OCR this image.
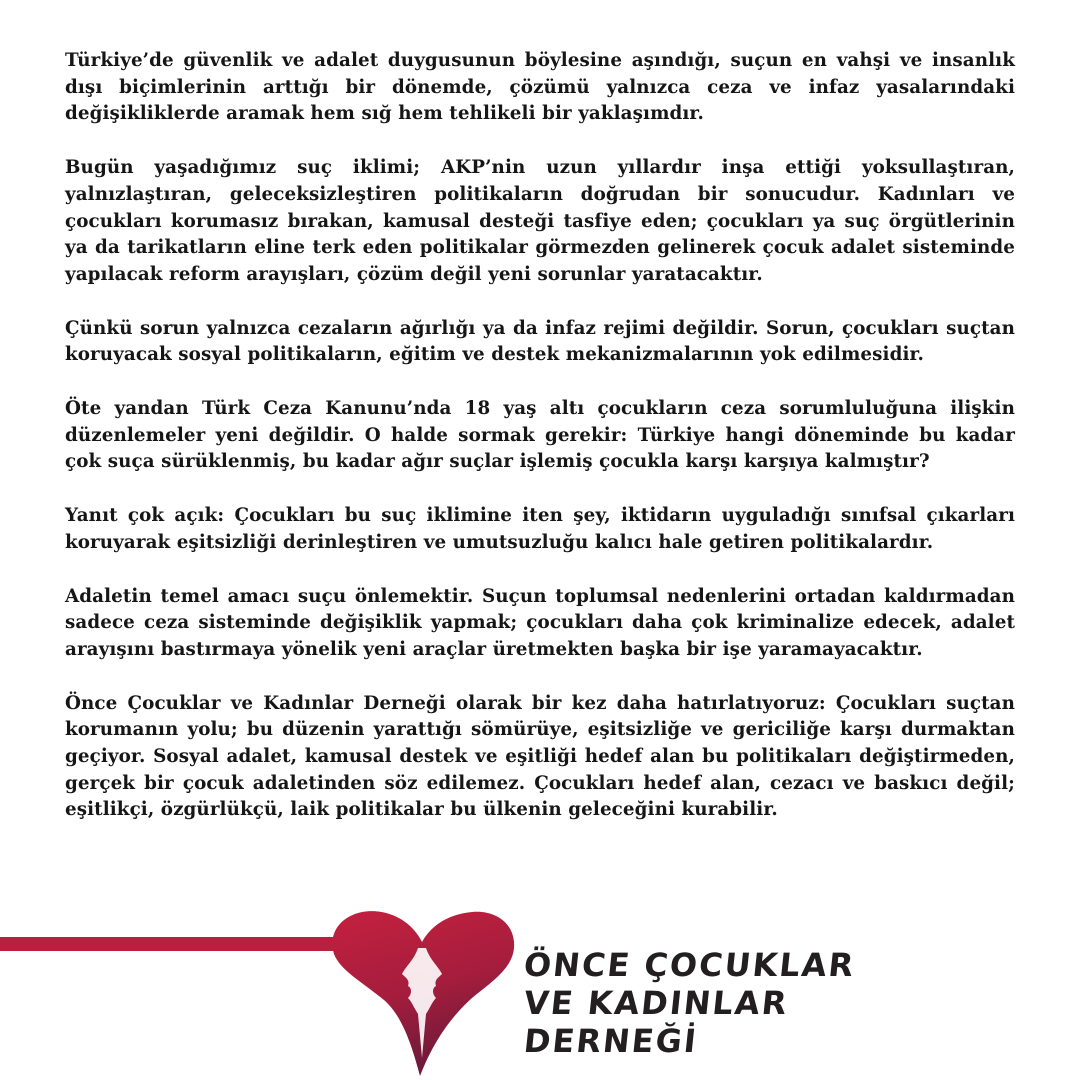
Türkiye’de güvenlik ve adalet duygusunun böylesine aşındığı, suçun en vahşi ve insanlık dışı biçimlerinin arttığı bir dönemde, çözümü yalnızca ceza ve infaz yasalarındaki değişikliklerde aramak hem sığ hem tehlikeli bir yaklaşımdır.

Bugün yaşadığımız suç iklimi; AKP’nin uzun yıllardır inşa ettiği yoksullaştıran, yalnızlaştıran, geleceksizleştiren politikaların doğrudan bir sonucudur. Kadınları ve çocukları korumasız bırakan, kamusal desteği tasfiye eden; çocukları ya suç örgütlerinin ya da tarikatların eline terk eden politikalar görmezden gelinerek çocuk adalet sisteminde yapılacak reform arayışları, çözüm değil yeni sorunlar yaratacaktır.

Çünkü sorun yalnızca cezaların ağırlığı ya da infaz rejimi değildir. Sorun, çocukları suçtan koruyacak sosyal politikaların, eğitim ve destek mekanizmalarının yok edilmesidir.

Öte yandan Türk Ceza Kanunu’nda 18 yaş altı çocukların ceza sorumluluğuna ilişkin düzenlemeler yeni değildir. O halde sormak gerekir: Türkiye hangi döneminde bu kadar çok suça sürüklenmiş, bu kadar ağır suçlar işlemiş çocukla karşı karşıya kalmıştır?

Yanıt çok açık: Çocukları bu suç iklimine iten şey, iktidarın uyguladığı sınıfsal çıkarları koruyarak eşitsizliği derinleştiren ve umutsuzluğu kalıcı hale getiren politikalardır.

Adaletin temel amacı suçu önlemektir. Suçun toplumsal nedenlerini ortadan kaldırmadan sadece ceza sisteminde değişiklik yapmak; çocukları daha çok kriminalize edecek, adalet arayışını bastırmaya yönelik yeni araçlar üretmekten başka bir işe yaramayacaktır.

Önce Çocuklar ve Kadınlar Derneği olarak bir kez daha hatırlatıyoruz: Çocukları suçtan korumanın yolu; bu düzenin yarattığı sömürüye, eşitsizliğe ve gericiliğe karşı durmaktan geçiyor. Sosyal adalet, kamusal destek ve eşitliği hedef alan bu politikaları değiştirmeden, gerçek bir çocuk adaletinden söz edilemez. Çocukları hedef alan, cezacı ve baskıcı değil; eşitlikçi, özgürlükçü, laik politikalar bu ülkenin geleceğini kurabilir.

ÖNCE ÇOCUKLAR
VE KADINLAR
DERNEĞİ
